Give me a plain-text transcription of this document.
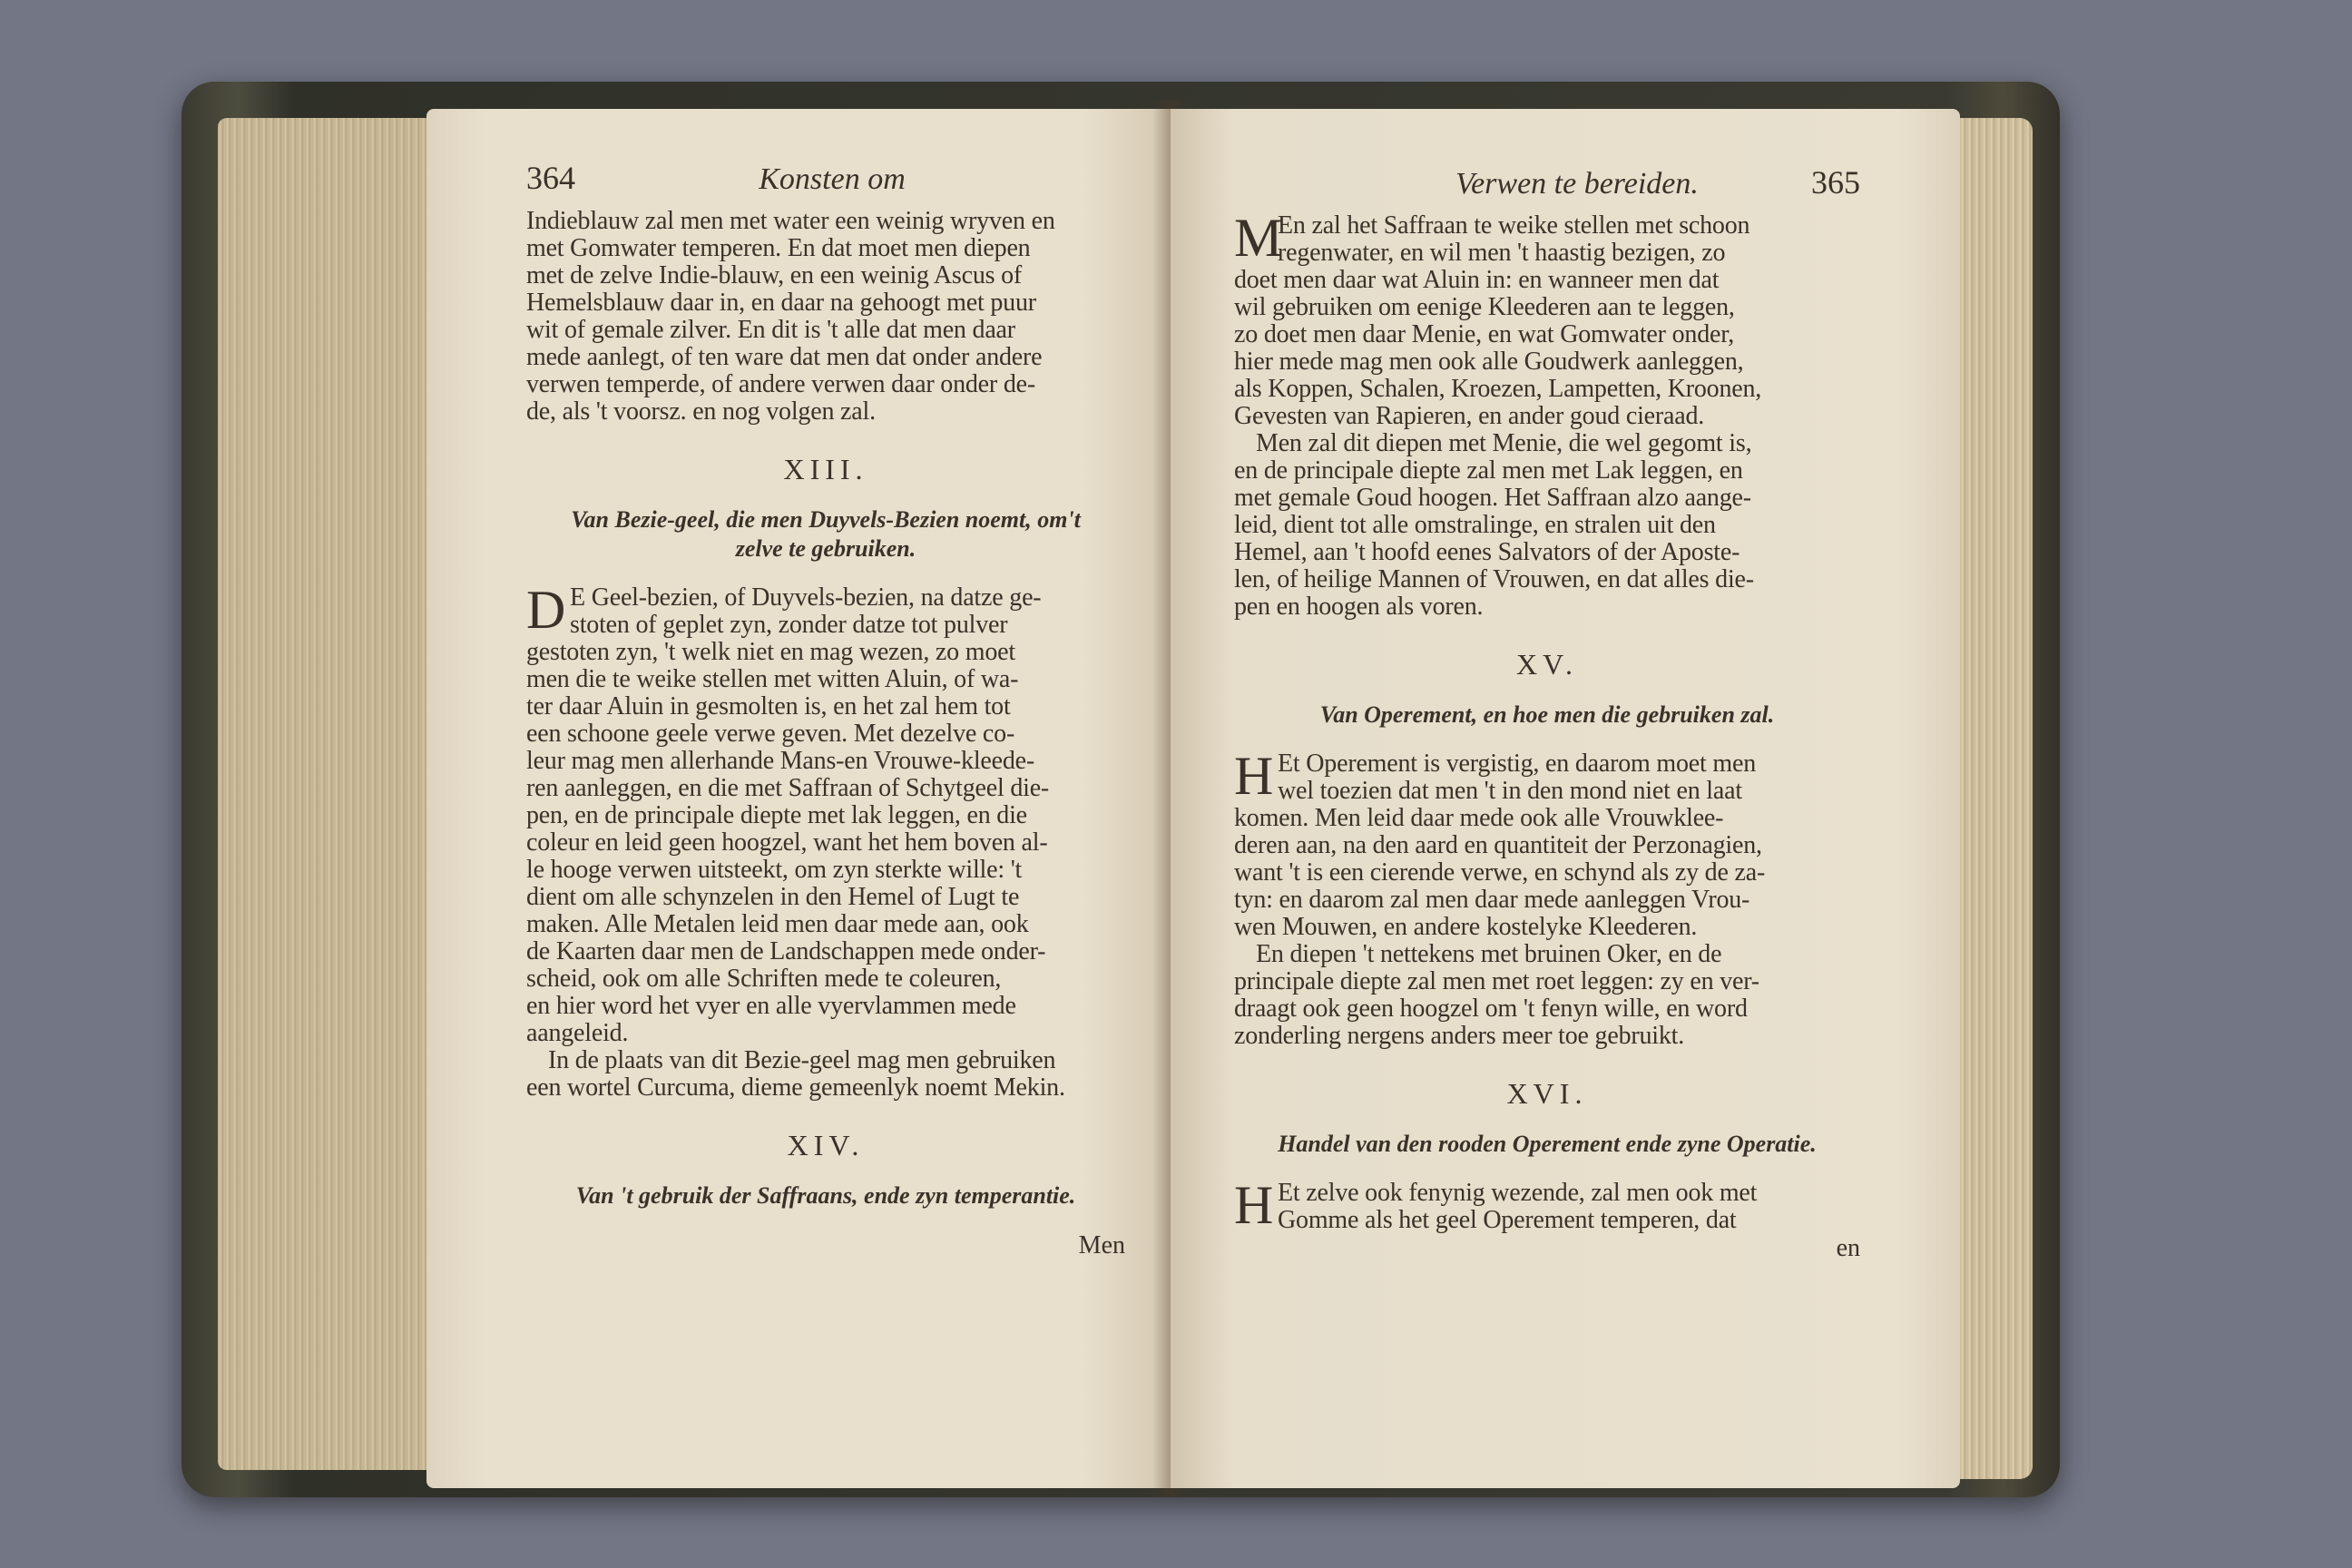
364	Konsten om
Indieblauw zal men met water een weinig wryven en
met Gomwater temperen. En dat moet men diepen
met de zelve Indie-blauw, en een weinig Ascus of
Hemelsblauw daar in, en daar na gehoogt met puur
wit of gemale zilver. En dit is 't alle dat men daar
mede aanlegt, of ten ware dat men dat onder andere
verwen temperde, of andere verwen daar onder de-
de, als 't voorsz. en nog volgen zal.
XIII.
Van Bezie-geel, die men Duyvels-Bezien noemt, om't
zelve te gebruiken.
D E Geel-bezien, of Duyvels-bezien, na datze ge-
stoten of geplet zyn, zonder datze tot pulver
gestoten zyn, 't welk niet en mag wezen, zo moet
men die te weike stellen met witten Aluin, of wa-
ter daar Aluin in gesmolten is, en het zal hem tot
een schoone geele verwe geven. Met dezelve co-
leur mag men allerhande Mans-en Vrouwe-kleede-
ren aanleggen, en die met Saffraan of Schytgeel die-
pen, en de principale diepte met lak leggen, en die
coleur en leid geen hoogzel, want het hem boven al-
le hooge verwen uitsteekt, om zyn sterkte wille: 't
dient om alle schynzelen in den Hemel of Lugt te
maken. Alle Metalen leid men daar mede aan, ook
de Kaarten daar men de Landschappen mede onder-
scheid, ook om alle Schriften mede te coleuren,
en hier word het vyer en alle vyervlammen mede
aangeleid.
In de plaats van dit Bezie-geel mag men gebruiken
een wortel Curcuma, dieme gemeenlyk noemt Mekin.
XIV.
Van 't gebruik der Saffraans, ende zyn temperantie.
Men
Verwen te bereiden.	365
M
En zal het Saffraan te weike stellen met schoon
regenwater, en wil men 't haastig bezigen, zo
doet men daar wat Aluin in: en wanneer men dat
wil gebruiken om eenige Kleederen aan te leggen,
zo doet men daar Menie, en wat Gomwater onder,
hier mede mag men ook alle Goudwerk aanleggen,
als Koppen, Schalen, Kroezen, Lampetten, Kroonen,
Gevesten van Rapieren, en ander goud cieraad.
Men zal dit diepen met Menie, die wel gegomt is,
en de principale diepte zal men met Lak leggen, en
met gemale Goud hoogen. Het Saffraan alzo aange-
leid, dient tot alle omstralinge, en stralen uit den
Hemel, aan 't hoofd eenes Salvators of der Aposte-
len, of heilige Mannen of Vrouwen, en dat alles die-
pen en hoogen als voren.
XV.
Van Operement, en hoe men die gebruiken zal.
H Et Operement is vergistig, en daarom moet men
wel toezien dat men 't in den mond niet en laat
komen. Men leid daar mede ook alle Vrouwklee-
deren aan, na den aard en quantiteit der Perzonagien,
want 't is een cierende verwe, en schynd als zy de za-
tyn: en daarom zal men daar mede aanleggen Vrou-
wen Mouwen, en andere kostelyke Kleederen.
En diepen 't nettekens met bruinen Oker, en de
principale diepte zal men met roet leggen: zy en ver-
draagt ook geen hoogzel om 't fenyn wille, en word
zonderling nergens anders meer toe gebruikt.
XVI.
Handel van den rooden Operement ende zyne Operatie.
H Et zelve ook fenynig wezende, zal men ook met
Gomme als het geel Operement temperen, dat
en
